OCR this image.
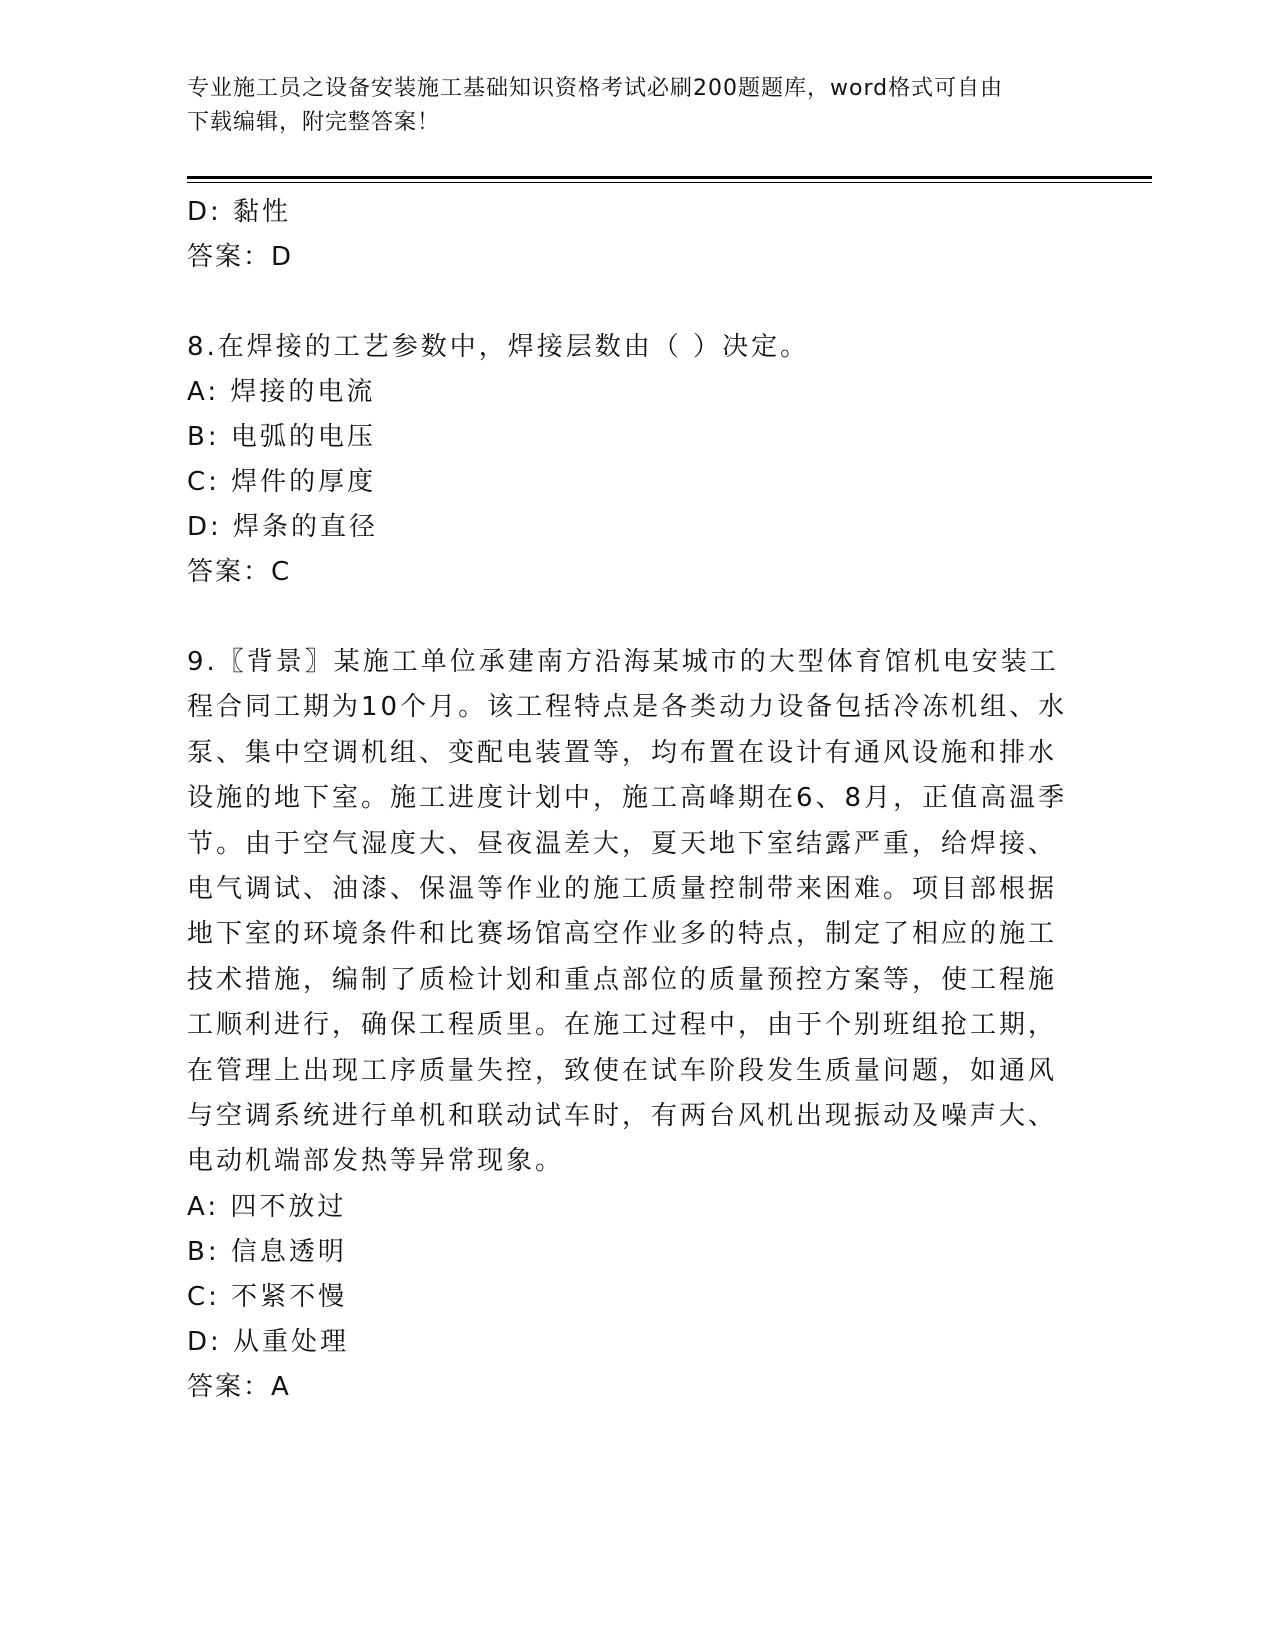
专业施工员之设备安装施工基础知识资格考试必刷200题题库，word格式可自由
下载编辑，附完整答案！
D: 黏性
答案：D
8.在焊接的工艺参数中，焊接层数由（ ）决定。
A: 焊接的电流
B: 电弧的电压
C: 焊件的厚度
D: 焊条的直径
答案：C
9.〖背景〗某施工单位承建南方沿海某城市的大型体育馆机电安装工
程合同工期为10个月。该工程特点是各类动力设备包括冷冻机组、水
泵、集中空调机组、变配电装置等，均布置在设计有通风设施和排水
设施的地下室。施工进度计划中，施工高峰期在6、8月，正值高温季
节。由于空气湿度大、昼夜温差大，夏天地下室结露严重，给焊接、
电气调试、油漆、保温等作业的施工质量控制带来困难。项目部根据
地下室的环境条件和比赛场馆高空作业多的特点，制定了相应的施工
技术措施，编制了质检计划和重点部位的质量预控方案等，使工程施
工顺利进行，确保工程质里。在施工过程中，由于个别班组抢工期，
在管理上出现工序质量失控，致使在试车阶段发生质量问题，如通风
与空调系统进行单机和联动试车时，有两台风机出现振动及噪声大、
电动机端部发热等异常现象。
A: 四不放过
B: 信息透明
C: 不紧不慢
D: 从重处理
答案：A
